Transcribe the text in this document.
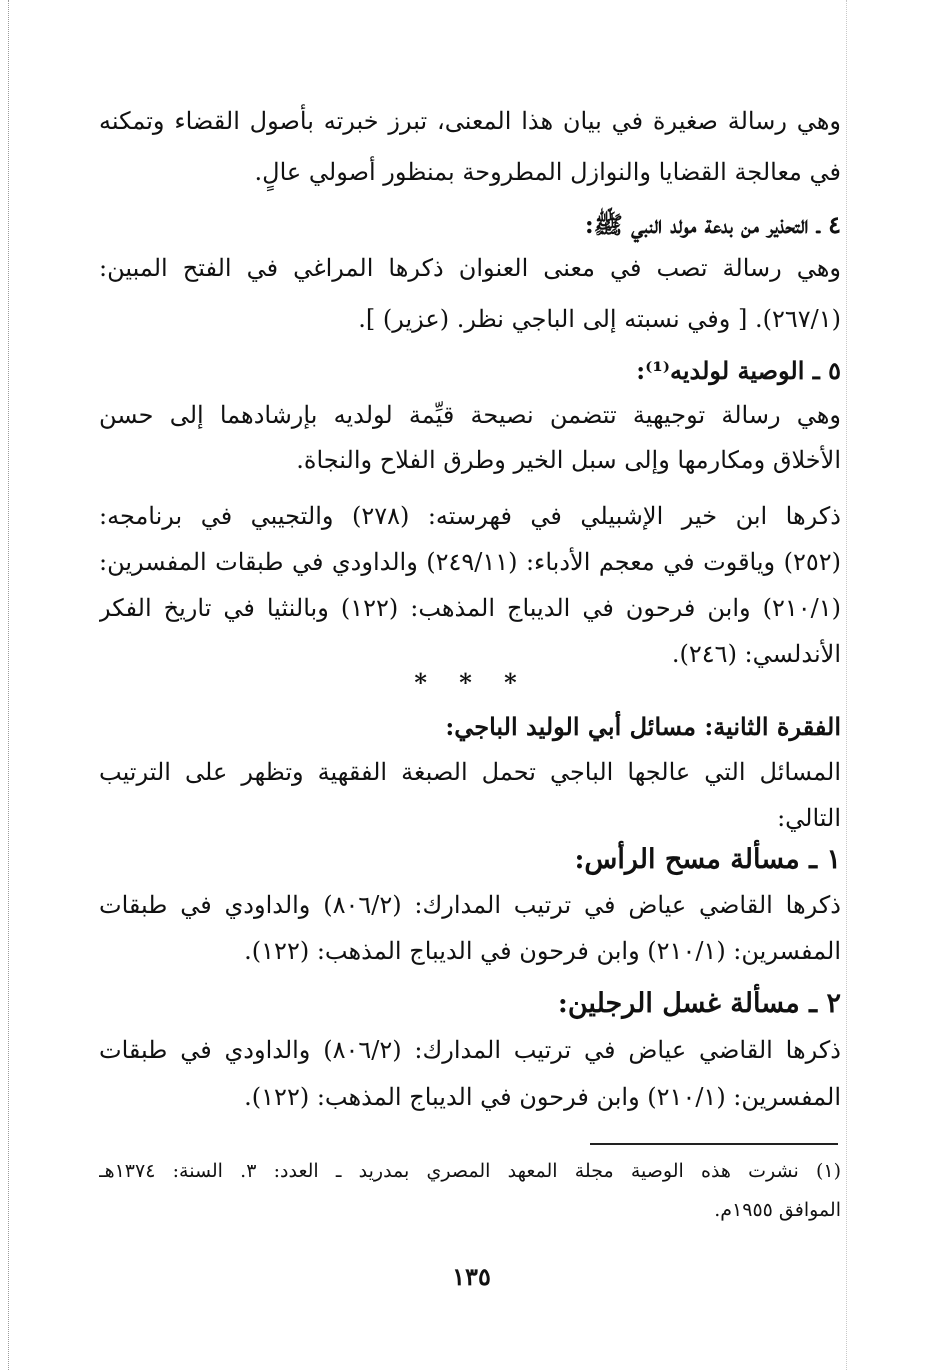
وهي رسالة صغيرة في بيان هذا المعنى، تبرز خبرته بأصول القضاء وتمكنه
في معالجة القضايا والنوازل المطروحة بمنظور أصولي عالٍ.
٤ ـ التحذير من بدعة مولد النبي ﷺ:
وهي رسالة تصب في معنى العنوان ذكرها المراغي في الفتح المبين:
(٢٦٧/١). [ وفي نسبته إلى الباجي نظر. (عزير) ].
٥ ـ الوصية لولديه⁽¹⁾:
وهي رسالة توجيهية تتضمن نصيحة قيِّمة لولديه بإرشادهما إلى حسن
الأخلاق ومكارمها وإلى سبل الخير وطرق الفلاح والنجاة.
ذكرها ابن خير الإشبيلي في فهرسته: (٢٧٨) والتجيبي في برنامجه:
(٢٥٢) وياقوت في معجم الأدباء: (٢٤٩/١١) والداودي في طبقات المفسرين:
(٢١٠/١) وابن فرحون في الديباج المذهب: (١٢٢) وبالنثيا في تاريخ الفكر
الأندلسي: (٢٤٦).
* * *
الفقرة الثانية: مسائل أبي الوليد الباجي:
المسائل التي عالجها الباجي تحمل الصبغة الفقهية وتظهر على الترتيب
التالي:
١ ـ مسألة مسح الرأس:
ذكرها القاضي عياض في ترتيب المدارك: (٨٠٦/٢) والداودي في طبقات
المفسرين: (٢١٠/١) وابن فرحون في الديباج المذهب: (١٢٢).
٢ ـ مسألة غسل الرجلين:
ذكرها القاضي عياض في ترتيب المدارك: (٨٠٦/٢) والداودي في طبقات
المفسرين: (٢١٠/١) وابن فرحون في الديباج المذهب: (١٢٢).
(١) نشرت هذه الوصية مجلة المعهد المصري بمدريد ـ العدد: ٣. السنة: ١٣٧٤هـ
الموافق ١٩٥٥م.
١٣٥
